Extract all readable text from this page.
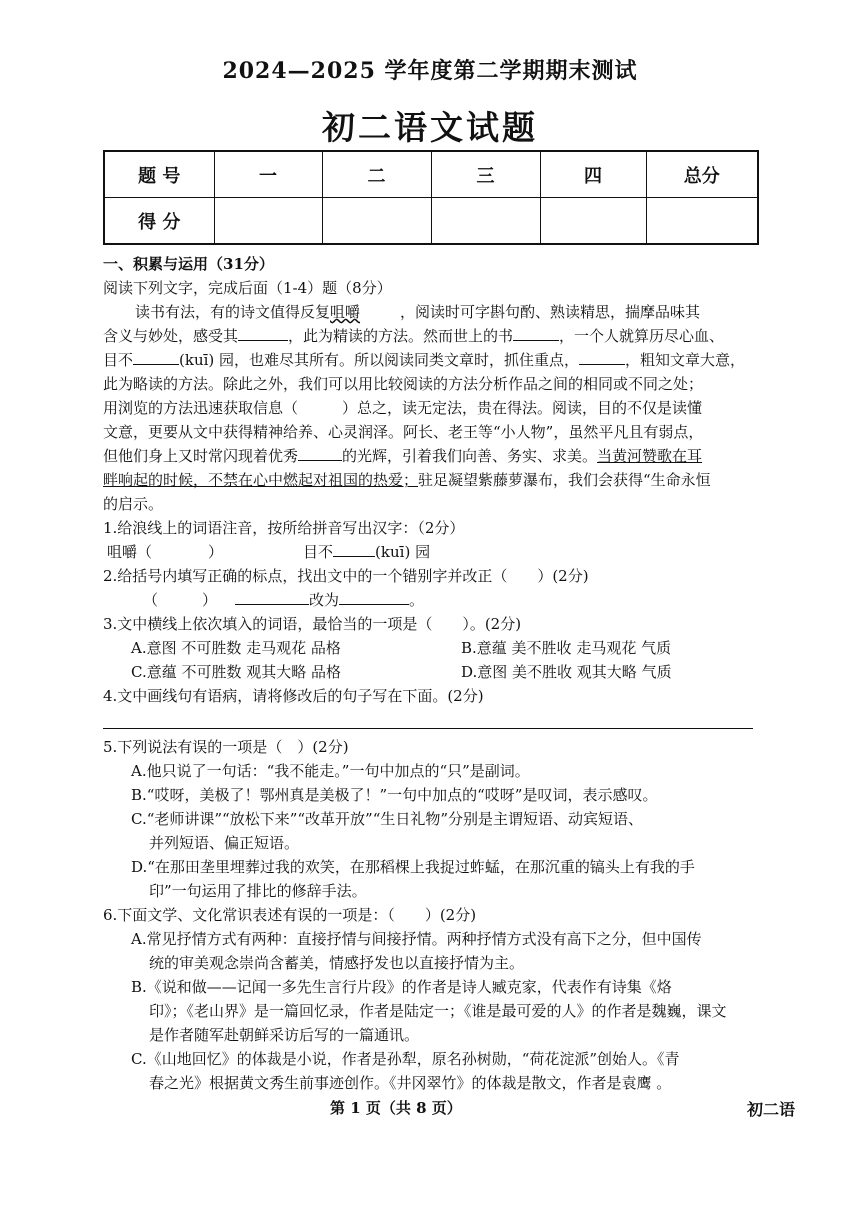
2024—2025 学年度第二学期期末测试
初二语文试题
题 号	一	二	三	四	总分
得 分					
一、积累与运用（31分）
阅读下列文字，完成后面（1-4）题（8分）
读书有法，有的诗文值得反复咀嚼	，阅读时可字斟句酌、熟读精思，揣摩品味其
含义与妙处，感受其	，此为精读的方法。然而世上的书	，一个人就算历尽心血、
目不	(kuī) 园，也难尽其所有。所以阅读同类文章时，抓住重点，	，粗知文章大意，
此为略读的方法。除此之外，我们可以用比较阅读的方法分析作品之间的相同或不同之处；
用浏览的方法迅速获取信息（	）总之，读无定法，贵在得法。阅读，目的不仅是读懂
文意，更要从文中获得精神给养、心灵润泽。阿长、老王等“小人物”，虽然平凡且有弱点，
但他们身上又时常闪现着优秀	的光辉，引着我们向善、务实、求美。当黄河赞歌在耳
畔响起的时候，不禁在心中燃起对祖国的热爱；驻足凝望紫藤萝瀑布，我们会获得“生命永恒
的启示。
1.给浪线上的词语注音，按所给拼音写出汉字：（2分）
咀嚼（	）	目不	(kuī) 园
2.给括号内填写正确的标点，找出文中的一个错别字并改正（　　）(2分)
（	）	改为	。
3.文中横线上依次填入的词语，最恰当的一项是（　　）。(2分)
A.意图 不可胜数 走马观花 品格	B.意蕴 美不胜收 走马观花 气质
C.意蕴 不可胜数 观其大略 品格	D.意图 美不胜收 观其大略 气质
4.文中画线句有语病，请将修改后的句子写在下面。(2分)
5.下列说法有误的一项是（　）(2分)
A.他只说了一句话：“我不能走。”一句中加点的“只”是副词。
B.“哎呀，美极了！鄂州真是美极了！”一句中加点的“哎呀”是叹词，表示感叹。
C.“老师讲课”“放松下来”“改革开放”“生日礼物”分别是主谓短语、动宾短语、
并列短语、偏正短语。
D.“在那田垄里埋葬过我的欢笑，在那稻棵上我捉过蚱蜢，在那沉重的镐头上有我的手
印”一句运用了排比的修辞手法。
6.下面文学、文化常识表述有误的一项是：（　　）(2分)
A.常见抒情方式有两种：直接抒情与间接抒情。两种抒情方式没有高下之分，但中国传
统的审美观念崇尚含蓄美，情感抒发也以直接抒情为主。
B.《说和做——记闻一多先生言行片段》的作者是诗人臧克家，代表作有诗集《烙
印》；《老山界》是一篇回忆录，作者是陆定一；《谁是最可爱的人》的作者是魏巍，课文
是作者随军赴朝鲜采访后写的一篇通讯。
C.《山地回忆》的体裁是小说，作者是孙犁，原名孙树勋，“荷花淀派”创始人。《青
春之光》根据黄文秀生前事迹创作。《井冈翠竹》的体裁是散文，作者是袁鹰 。
第 1 页（共 8 页）	初二语
